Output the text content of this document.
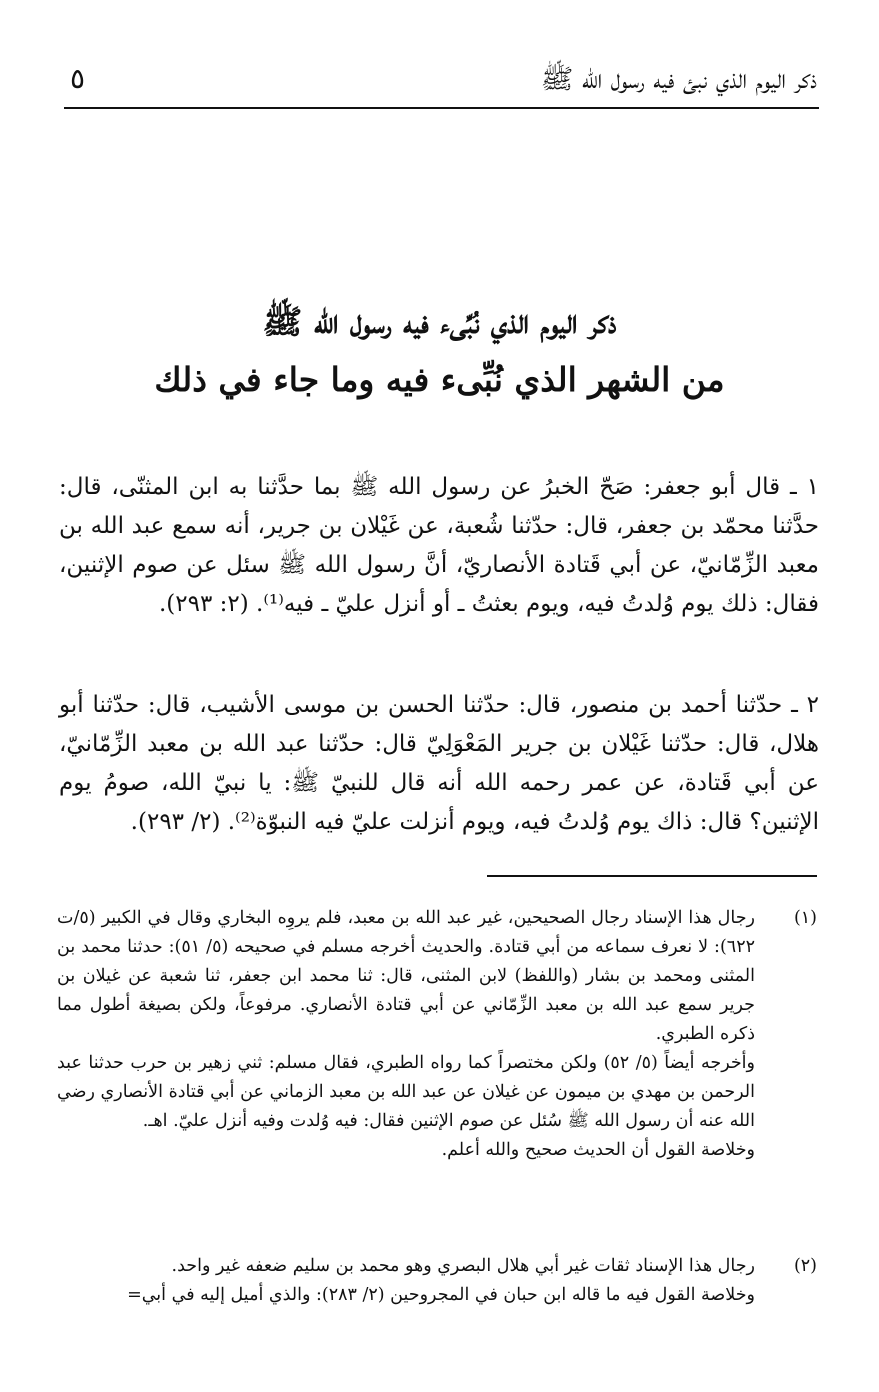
ذكر اليوم الذي نبئ فيه رسول الله ﷺ
٥
ذكر اليوم الذي نُبِّىء فيه رسول الله ﷺ
من الشهر الذي نُبِّىء فيه وما جاء في ذلك
١ ـ قال أبو جعفر: صَحّ الخبرُ عن رسول الله ﷺ بما حدَّثنا به ابن المثنّى، قال: حدَّثنا محمّد بن جعفر، قال: حدّثنا شُعبة، عن غَيْلان بن جرير، أنه سمع عبد الله بن معبد الزِّمّانيّ، عن أبي قَتادة الأنصاريّ، أنَّ رسول الله ﷺ سئل عن صوم الإثنين، فقال: ذلك يوم وُلدتُ فيه، ويوم بعثتُ ـ أو أنزل عليّ ـ فيه⁽¹⁾. (٢: ٢٩٣).
٢ ـ حدّثنا أحمد بن منصور، قال: حدّثنا الحسن بن موسى الأشيب، قال: حدّثنا أبو هلال، قال: حدّثنا غَيْلان بن جرير المَعْوَلِيّ قال: حدّثنا عبد الله بن معبد الزِّمّانيّ، عن أبي قَتادة، عن عمر رحمه الله أنه قال للنبيّ ﷺ: يا نبيّ الله، صومُ يوم الإثنين؟ قال: ذاك يوم وُلدتُ فيه، ويوم أنزلت عليّ فيه النبوّة⁽²⁾. (٢/ ٢٩٣).
(١)

رجال هذا الإسناد رجال الصحيحين، غير عبد الله بن معبد، فلم يروِه البخاري وقال في الكبير (٥/ت ٦٢٢): لا نعرف سماعه من أبي قتادة. والحديث أخرجه مسلم في صحيحه (٥/ ٥١): حدثنا محمد بن المثنى ومحمد بن بشار (واللفظ) لابن المثنى، قال: ثنا محمد ابن جعفر، ثنا شعبة عن غيلان بن جرير سمع عبد الله بن معبد الزِّمّاني عن أبي قتادة الأنصاري. مرفوعاً، ولكن بصيغة أطول مما ذكره الطبري.

وأخرجه أيضاً (٥/ ٥٢) ولكن مختصراً كما رواه الطبري، فقال مسلم: ثني زهير بن حرب حدثنا عبد الرحمن بن مهدي بن ميمون عن غيلان عن عبد الله بن معبد الزماني عن أبي قتادة الأنصاري رضي الله عنه أن رسول الله ﷺ سُئل عن صوم الإثنين فقال: فيه وُلدت وفيه أنزل عليّ. اهـ.

وخلاصة القول أن الحديث صحيح والله أعلم.

(٢)

رجال هذا الإسناد ثقات غير أبي هلال البصري وهو محمد بن سليم ضعفه غير واحد.

وخلاصة القول فيه ما قاله ابن حبان في المجروحين (٢/ ٢٨٣): والذي أميل إليه في أبي=
